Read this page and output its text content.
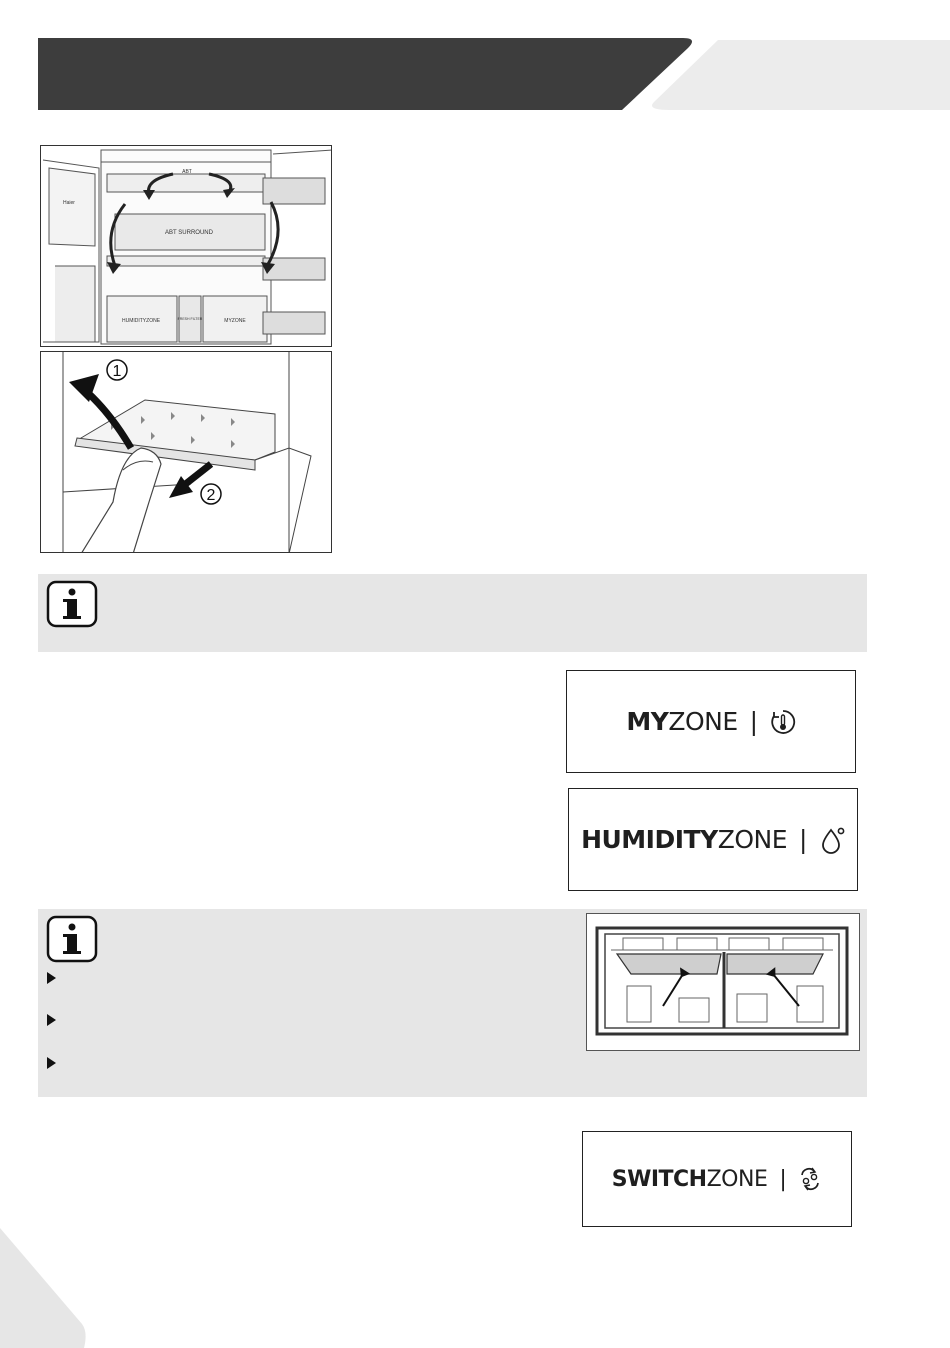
ABT
ABT SURROUND
Haier
HUMIDITYZONE	FRESH FILTER	MYZONE
1
2
MY ZONE |
HUMIDITY ZONE |
SWITCH ZONE |
